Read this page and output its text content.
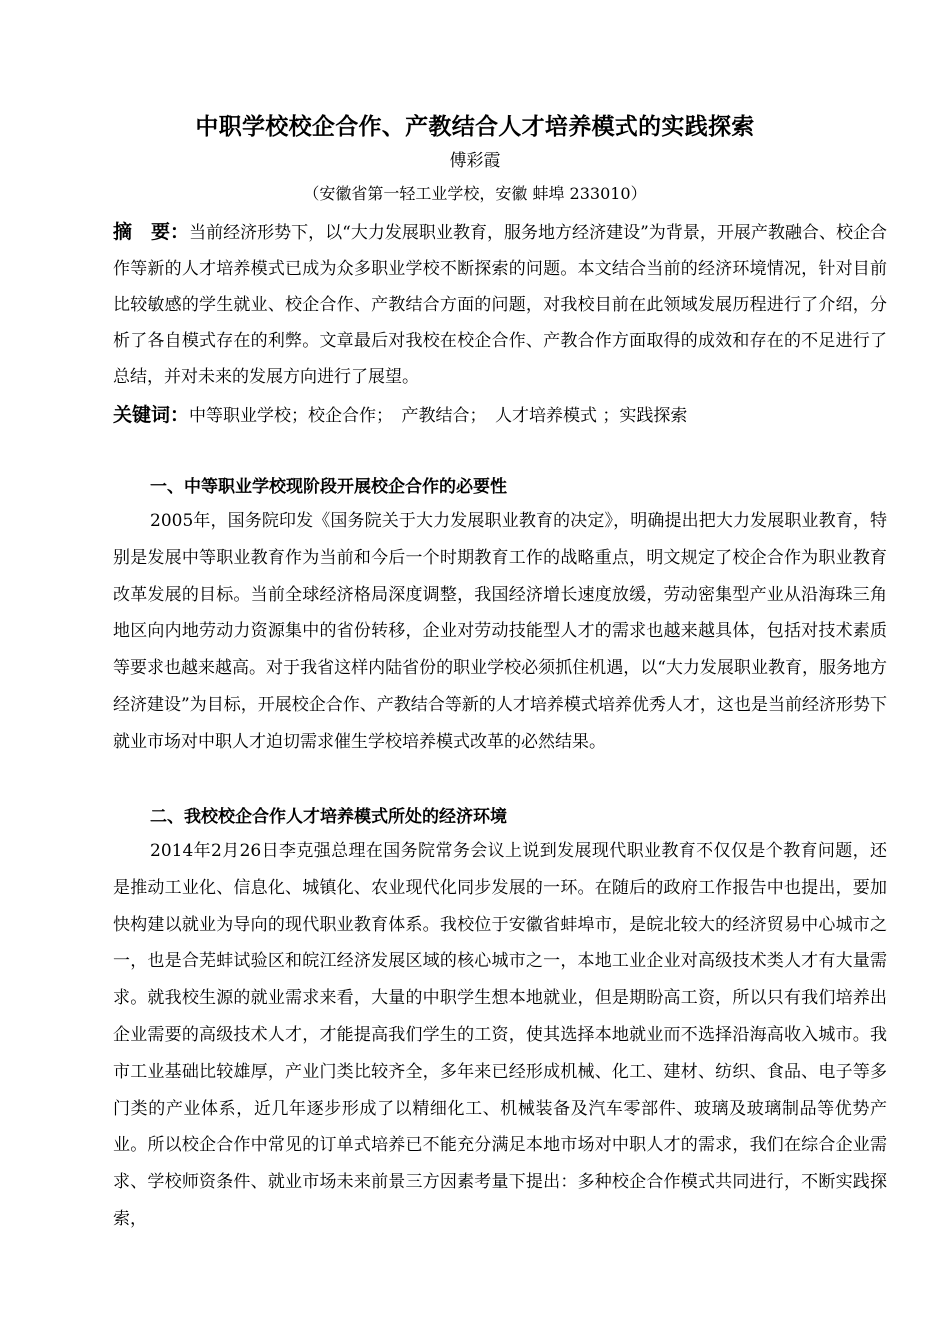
中职学校校企合作、产教结合人才培养模式的实践探索
傅彩霞
（安徽省第一轻工业学校，安徽 蚌埠 233010）
摘　要：当前经济形势下，以“大力发展职业教育，服务地方经济建设”为背景，开展产教融合、校企合作等新的人才培养模式已成为众多职业学校不断探索的问题。本文结合当前的经济环境情况，针对目前比较敏感的学生就业、校企合作、产教结合方面的问题，对我校目前在此领域发展历程进行了介绍，分析了各自模式存在的利弊。文章最后对我校在校企合作、产教合作方面取得的成效和存在的不足进行了总结，并对未来的发展方向进行了展望。
关键词：中等职业学校；校企合作；　产教结合；　人才培养模式 ；实践探索
一、中等职业学校现阶段开展校企合作的必要性
2005年，国务院印发《国务院关于大力发展职业教育的决定》，明确提出把大力发展职业教育，特别是发展中等职业教育作为当前和今后一个时期教育工作的战略重点，明文规定了校企合作为职业教育改革发展的目标。当前全球经济格局深度调整，我国经济增长速度放缓，劳动密集型产业从沿海珠三角地区向内地劳动力资源集中的省份转移，企业对劳动技能型人才的需求也越来越具体，包括对技术素质等要求也越来越高。对于我省这样内陆省份的职业学校必须抓住机遇，以“大力发展职业教育，服务地方经济建设”为目标，开展校企合作、产教结合等新的人才培养模式培养优秀人才，这也是当前经济形势下就业市场对中职人才迫切需求催生学校培养模式改革的必然结果。
二、我校校企合作人才培养模式所处的经济环境
2014年2月26日李克强总理在国务院常务会议上说到发展现代职业教育不仅仅是个教育问题，还是推动工业化、信息化、城镇化、农业现代化同步发展的一环。在随后的政府工作报告中也提出，要加快构建以就业为导向的现代职业教育体系。我校位于安徽省蚌埠市，是皖北较大的经济贸易中心城市之一，也是合芜蚌试验区和皖江经济发展区域的核心城市之一，本地工业企业对高级技术类人才有大量需求。就我校生源的就业需求来看，大量的中职学生想本地就业，但是期盼高工资，所以只有我们培养出企业需要的高级技术人才，才能提高我们学生的工资，使其选择本地就业而不选择沿海高收入城市。我市工业基础比较雄厚，产业门类比较齐全，多年来已经形成机械、化工、建材、纺织、食品、电子等多门类的产业体系，近几年逐步形成了以精细化工、机械装备及汽车零部件、玻璃及玻璃制品等优势产业。所以校企合作中常见的订单式培养已不能充分满足本地市场对中职人才的需求，我们在综合企业需求、学校师资条件、就业市场未来前景三方因素考量下提出：多种校企合作模式共同进行，不断实践探索，
